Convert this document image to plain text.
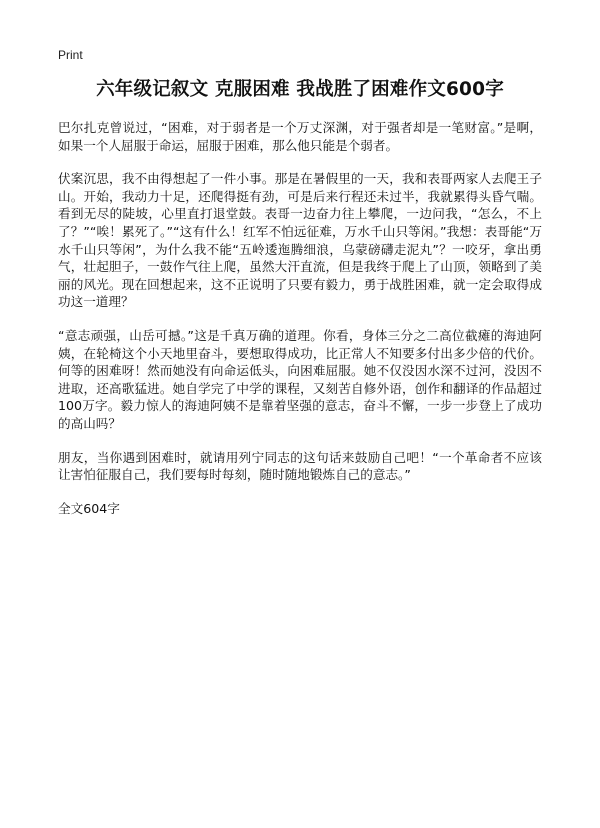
Print
六年级记叙文 克服困难 我战胜了困难作文600字

巴尔扎克曾说过，“困难，对于弱者是一个万丈深渊，对于强者却是一笔财富。”是啊，如果一个人屈服于命运，屈服于困难，那么他只能是个弱者。

伏案沉思，我不由得想起了一件小事。那是在暑假里的一天，我和表哥两家人去爬王子山。开始，我动力十足，还爬得挺有劲，可是后来行程还未过半，我就累得头昏气喘。看到无尽的陡坡，心里直打退堂鼓。表哥一边奋力往上攀爬，一边问我，“怎么，不上了？”“唉！累死了。”“这有什么！红军不怕远征难，万水千山只等闲。”我想：表哥能“万水千山只等闲”，为什么我不能“五岭逶迤腾细浪，乌蒙磅礴走泥丸”？一咬牙，拿出勇气，壮起胆子，一鼓作气往上爬，虽然大汗直流，但是我终于爬上了山顶，领略到了美丽的风光。现在回想起来，这不正说明了只要有毅力，勇于战胜困难，就一定会取得成功这一道理？

“意志顽强，山岳可撼。”这是千真万确的道理。你看，身体三分之二高位截瘫的海迪阿姨，在轮椅这个小天地里奋斗，要想取得成功，比正常人不知要多付出多少倍的代价。何等的困难呀！然而她没有向命运低头，向困难屈服。她不仅没因水深不过河，没因不进取，还高歌猛进。她自学完了中学的课程，又刻苦自修外语，创作和翻译的作品超过100万字。毅力惊人的海迪阿姨不是靠着坚强的意志，奋斗不懈，一步一步登上了成功的高山吗？

朋友，当你遇到困难时，就请用列宁同志的这句话来鼓励自己吧！“一个革命者不应该让害怕征服自己，我们要每时每刻，随时随地锻炼自己的意志。”

全文604字
